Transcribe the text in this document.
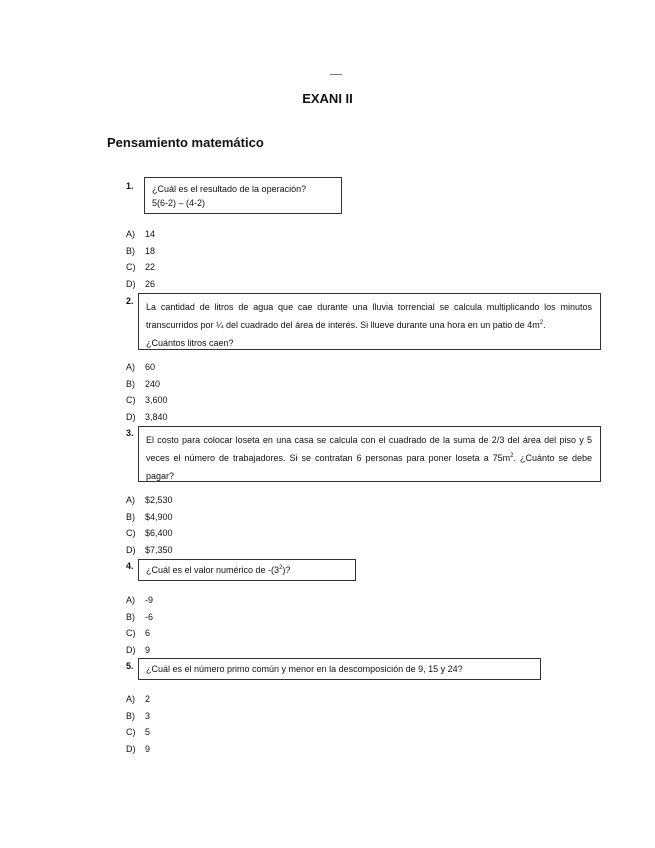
EXANI II
Pensamiento matemático
1. ¿Cuál es el resultado de la operación?
5(6-2) – (4-2)
A) 14
B) 18
C) 22
D) 26
2.
La cantidad de litros de agua que cae durante una lluvia torrencial se calcula multiplicando los minutos transcurridos por ¼ del cuadrado del área de interés. Si llueve durante una hora en un patio de $4m^2$.
¿Cuántos litros caen?
A) 60
B) 240
C) 3,600
D) 3,840
3.
El costo para colocar loseta en una casa se calcula con el cuadrado de la suma de 2/3 del área del piso y 5 veces el número de trabajadores. Si se contratan 6 personas para poner loseta a $75m^2$. ¿Cuánto se debe pagar?
A) $2,530
B) $4,900
C) $6,400
D) $7,350
4. ¿Cuál es el valor numérico de $-(3^2)$?
A) -9
B) -6
C) 6
D) 9
5. ¿Cuál es el número primo común y menor en la descomposición de 9, 15 y 24?
A) 2
B) 3
C) 5
D) 9
